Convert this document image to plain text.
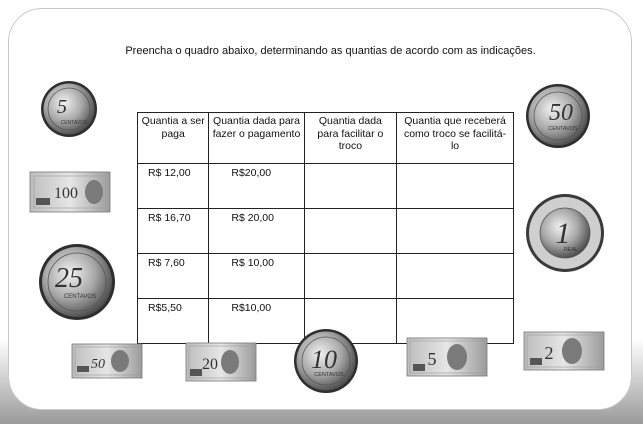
Preencha o quadro abaixo, determinando as quantias de acordo com as indicações.
Quantia a ser paga	Quantia dada para fazer o pagamento	Quantia dada para facilitar o troco	Quantia que receberá como troco se facilitá-lo
R$ 12,00	R$20,00		
R$ 16,70	R$ 20,00		
R$ 7,60	R$ 10,00		
R$5,50	R$10,00		
5
CENTAVOS	50
CENTAVOS
25
CENTAVOS
1
REAL
10
CENTAVOS
100
50	20	5	2
